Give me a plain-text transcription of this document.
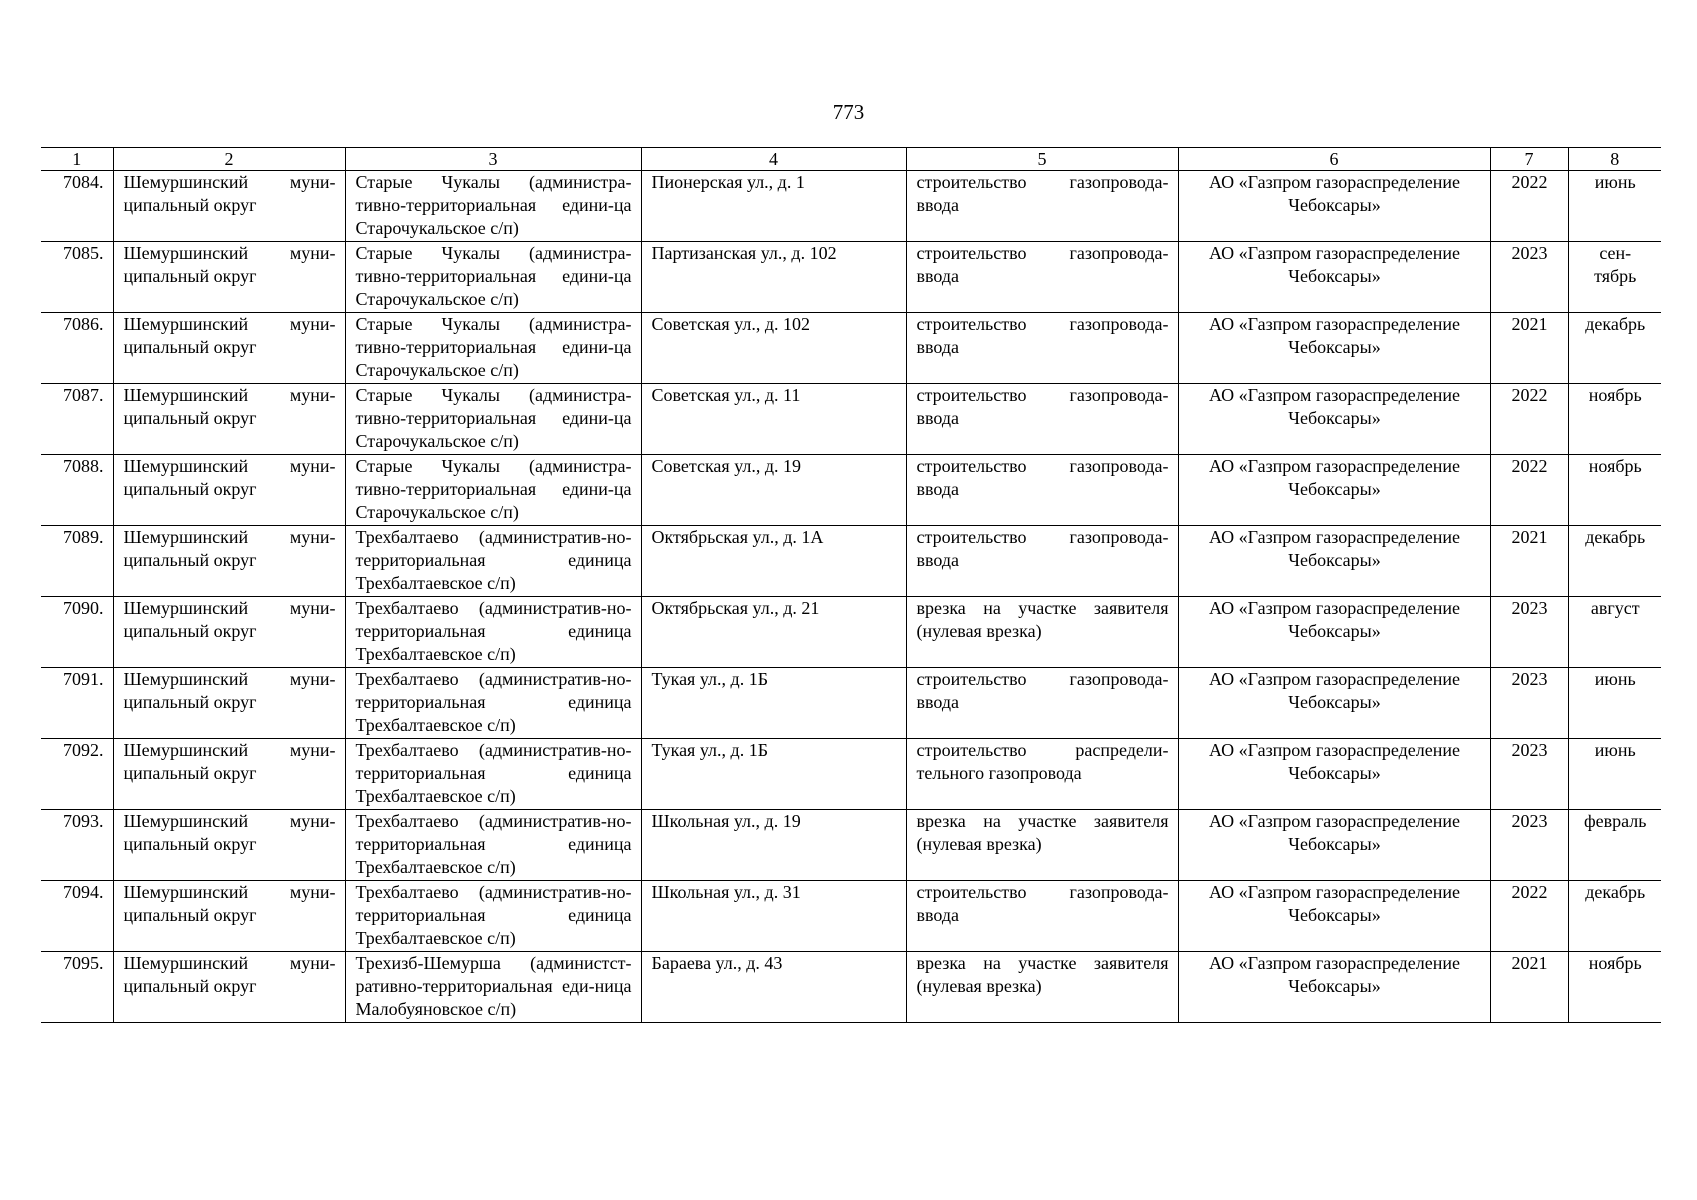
773
1	2	3	4	5	6	7	8
7084.	Шемуршинский муни-ципальный округ	Старые Чукалы (администра-тивно-территориальная едини-ца Старочукальское с/п)	Пионерская ул., д. 1	строительство газопровода-ввода	АО «Газпром газораспределение Чебоксары»	2022	июнь
7085.	Шемуршинский муни-ципальный округ	Старые Чукалы (администра-тивно-территориальная едини-ца Старочукальское с/п)	Партизанская ул., д. 102	строительство газопровода-ввода	АО «Газпром газораспределение Чебоксары»	2023	сен-тябрь
7086.	Шемуршинский муни-ципальный округ	Старые Чукалы (администра-тивно-территориальная едини-ца Старочукальское с/п)	Советская ул., д. 102	строительство газопровода-ввода	АО «Газпром газораспределение Чебоксары»	2021	декабрь
7087.	Шемуршинский муни-ципальный округ	Старые Чукалы (администра-тивно-территориальная едини-ца Старочукальское с/п)	Советская ул., д. 11	строительство газопровода-ввода	АО «Газпром газораспределение Чебоксары»	2022	ноябрь
7088.	Шемуршинский муни-ципальный округ	Старые Чукалы (администра-тивно-территориальная едини-ца Старочукальское с/п)	Советская ул., д. 19	строительство газопровода-ввода	АО «Газпром газораспределение Чебоксары»	2022	ноябрь
7089.	Шемуршинский муни-ципальный округ	Трехбалтаево (административ-но-территориальная единица Трехбалтаевское с/п)	Октябрьская ул., д. 1А	строительство газопровода-ввода	АО «Газпром газораспределение Чебоксары»	2021	декабрь
7090.	Шемуршинский муни-ципальный округ	Трехбалтаево (административ-но-территориальная единица Трехбалтаевское с/п)	Октябрьская ул., д. 21	врезка на участке заявителя (нулевая врезка)	АО «Газпром газораспределение Чебоксары»	2023	август
7091.	Шемуршинский муни-ципальный округ	Трехбалтаево (административ-но-территориальная единица Трехбалтаевское с/п)	Тукая ул., д. 1Б	строительство газопровода-ввода	АО «Газпром газораспределение Чебоксары»	2023	июнь
7092.	Шемуршинский муни-ципальный округ	Трехбалтаево (административ-но-территориальная единица Трехбалтаевское с/п)	Тукая ул., д. 1Б	строительство распредели-тельного газопровода	АО «Газпром газораспределение Чебоксары»	2023	июнь
7093.	Шемуршинский муни-ципальный округ	Трехбалтаево (административ-но-территориальная единица Трехбалтаевское с/п)	Школьная ул., д. 19	врезка на участке заявителя (нулевая врезка)	АО «Газпром газораспределение Чебоксары»	2023	февраль
7094.	Шемуршинский муни-ципальный округ	Трехбалтаево (административ-но-территориальная единица Трехбалтаевское с/п)	Школьная ул., д. 31	строительство газопровода-ввода	АО «Газпром газораспределение Чебоксары»	2022	декабрь
7095.	Шемуршинский муни-ципальный округ	Трехизб-Шемурша (администст-ративно-территориальная еди-ница Малобуяновское с/п)	Бараева ул., д. 43	врезка на участке заявителя (нулевая врезка)	АО «Газпром газораспределение Чебоксары»	2021	ноябрь
